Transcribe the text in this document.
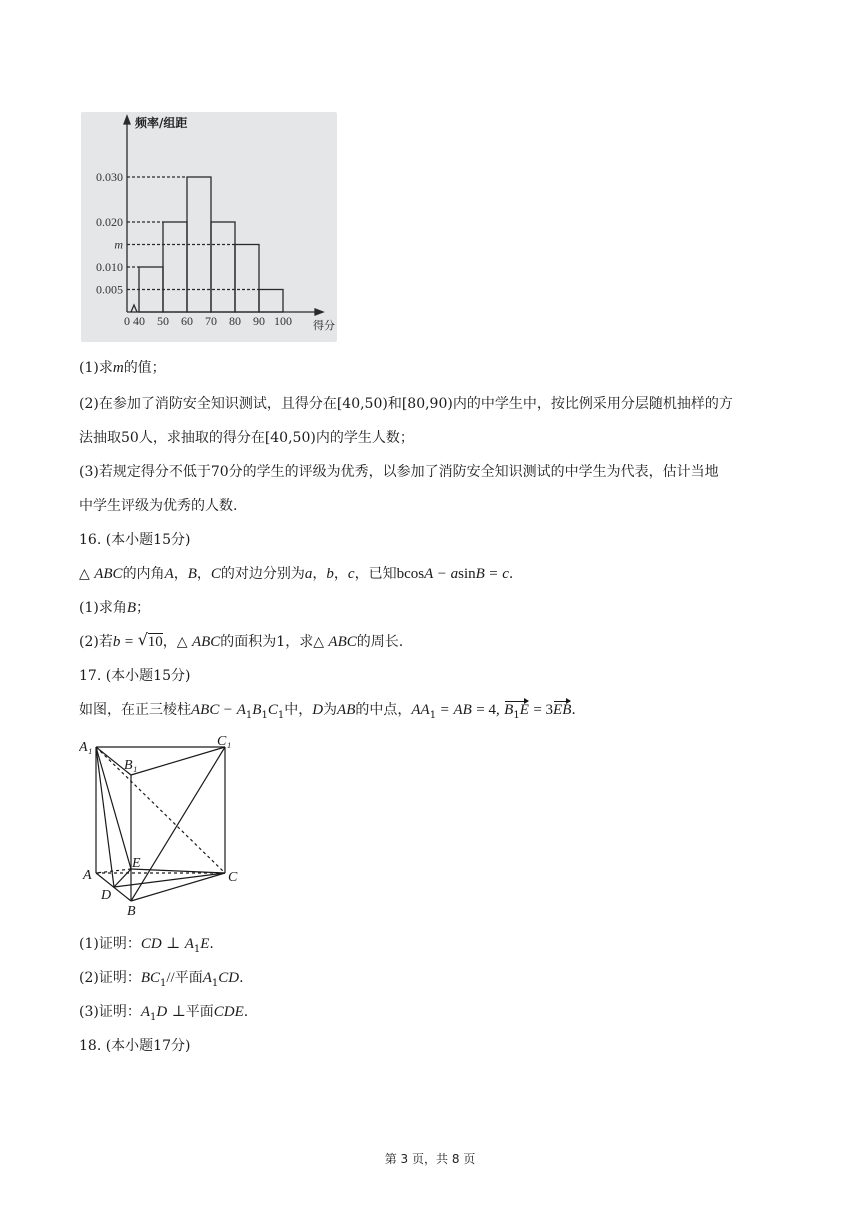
0.030
0.020
m
0.010
0.005
0 40 50 60 70 80 90 100
频率/组距
得分

(1)求m的值；

(2)在参加了消防安全知识测试，且得分在[40,50)和[80,90)内的中学生中，按比例采用分层随机抽样的方

法抽取50人，求抽取的得分在[40,50)内的学生人数；

(3)若规定得分不低于70分的学生的评级为优秀，以参加了消防安全知识测试的中学生为代表，估计当地

中学生评级为优秀的人数.

16. (本小题15分)

△ ABC的内角A，B，C的对边分别为a，b，c，已知bcosA − asinB = c.

(1)求角B；

(2)若b = √ 10，△ ABC的面积为1，求△ ABC的周长.

17. (本小题15分)

如图，在正三棱柱ABC − $A_1B_1C_1$中，D为AB的中点，$AA_1$ = AB = 4, $B_1E = 3EB$.

A₁	C₁
B₁
E
A	C
D
B

(1)证明：CD ⊥ $A_1E$.

(2)证明：$BC_1//$平面$A_1CD$.

(3)证明：$A_1D$ ⊥平面CDE.

18. (本小题17分)

第 3 页，共 8 页
